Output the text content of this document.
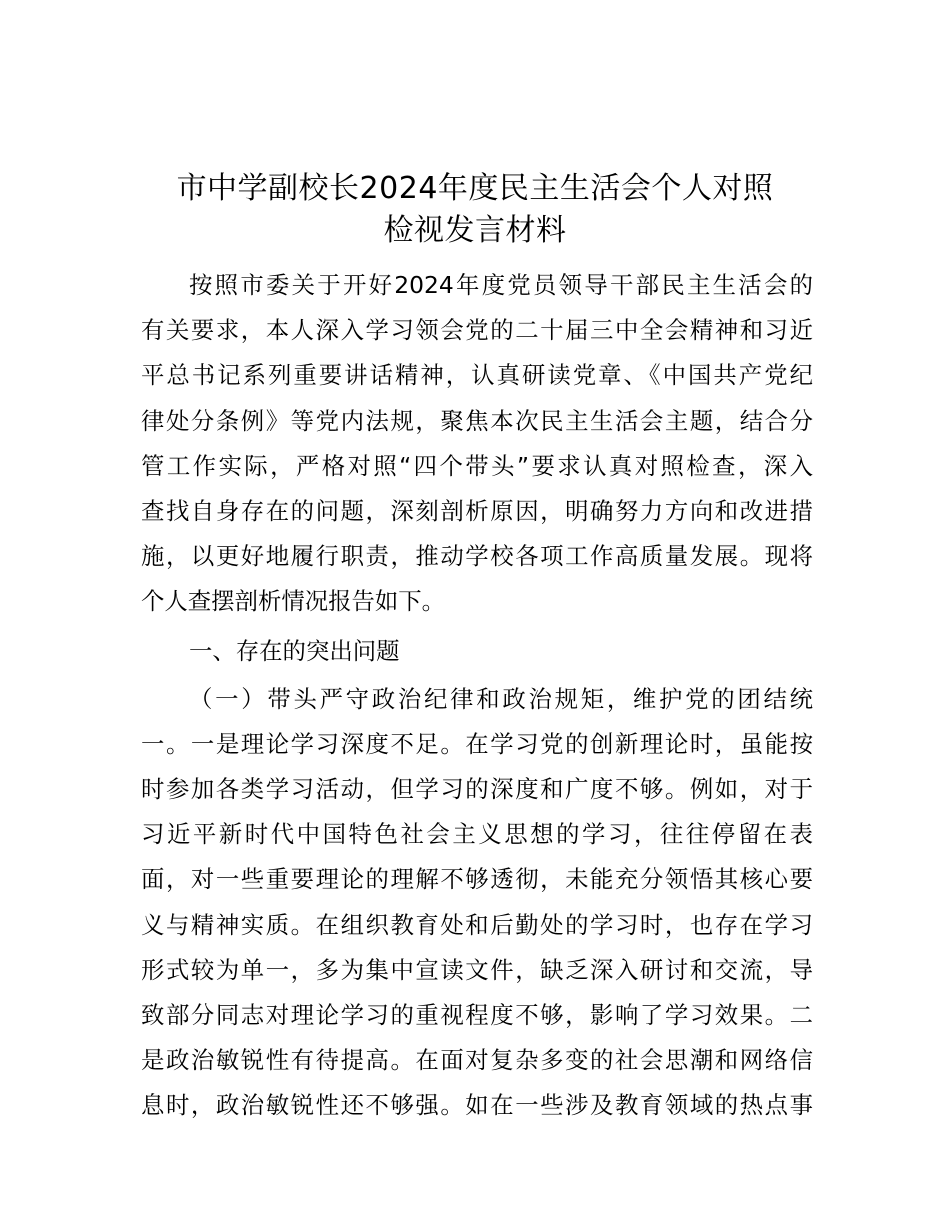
市中学副校长2024年度民主生活会个人对照
检视发言材料
按照市委关于开好2024年度党员领导干部民主生活会的
有关要求，本人深入学习领会党的二十届三中全会精神和习近
平总书记系列重要讲话精神，认真研读党章、《中国共产党纪
律处分条例》等党内法规，聚焦本次民主生活会主题，结合分
管工作实际，严格对照“四个带头”要求认真对照检查，深入
查找自身存在的问题，深刻剖析原因，明确努力方向和改进措
施，以更好地履行职责，推动学校各项工作高质量发展。现将
个人查摆剖析情况报告如下。
一、存在的突出问题
（一）带头严守政治纪律和政治规矩，维护党的团结统
一。一是理论学习深度不足。在学习党的创新理论时，虽能按
时参加各类学习活动，但学习的深度和广度不够。例如，对于
习近平新时代中国特色社会主义思想的学习，往往停留在表
面，对一些重要理论的理解不够透彻，未能充分领悟其核心要
义与精神实质。在组织教育处和后勤处的学习时，也存在学习
形式较为单一，多为集中宣读文件，缺乏深入研讨和交流，导
致部分同志对理论学习的重视程度不够，影响了学习效果。二
是政治敏锐性有待提高。在面对复杂多变的社会思潮和网络信
息时，政治敏锐性还不够强。如在一些涉及教育领域的热点事
